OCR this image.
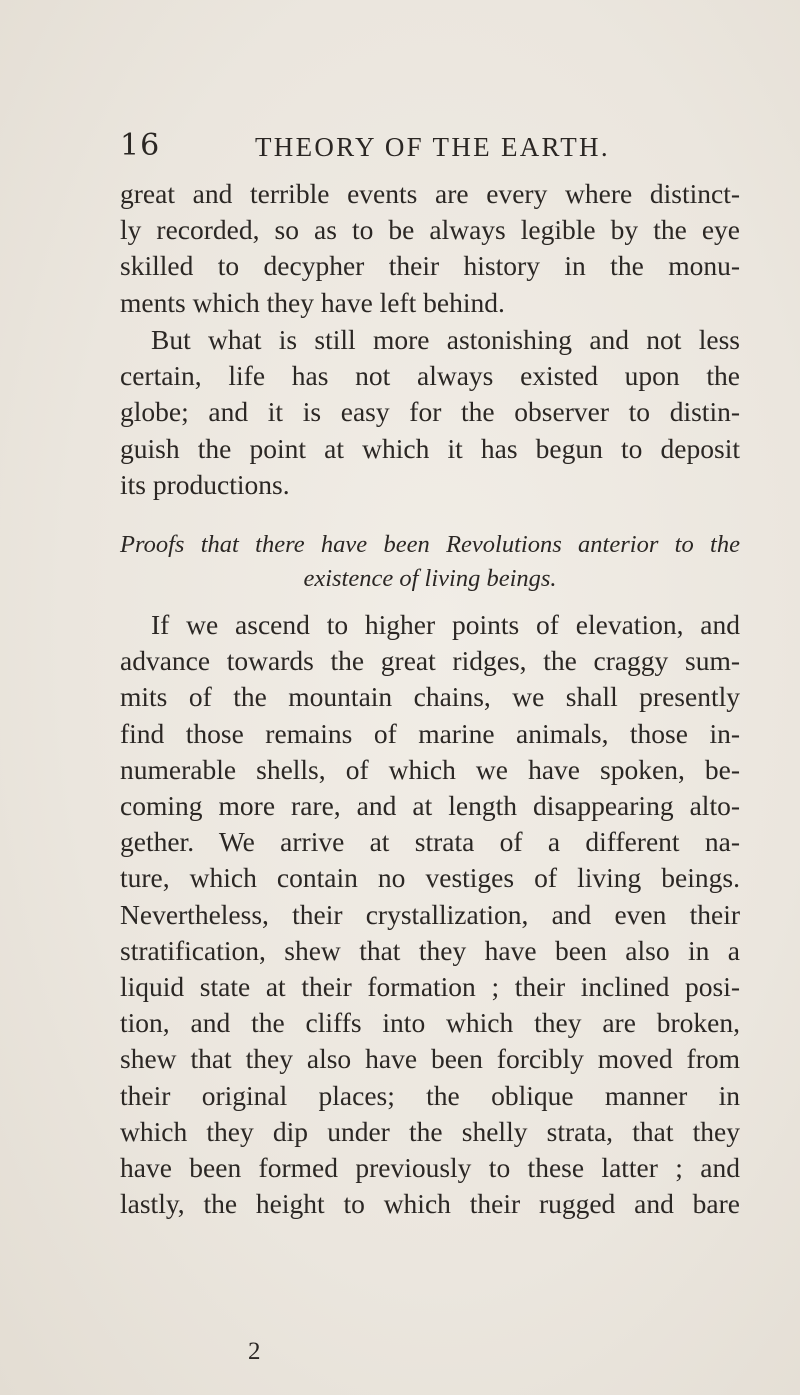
16	THEORY OF THE EARTH.
great and terrible events are every where distinct-
ly recorded, so as to be always legible by the eye
skilled to decypher their history in the monu-
ments which they have left behind.
But what is still more astonishing and not less
certain, life has not always existed upon the
globe; and it is easy for the observer to distin-
guish the point at which it has begun to deposit
its productions.
Proofs that there have been Revolutions anterior to the
existence of living beings.
If we ascend to higher points of elevation, and
advance towards the great ridges, the craggy sum-
mits of the mountain chains, we shall presently
find those remains of marine animals, those in-
numerable shells, of which we have spoken, be-
coming more rare, and at length disappearing alto-
gether. We arrive at strata of a different na-
ture, which contain no vestiges of living beings.
Nevertheless, their crystallization, and even their
stratification, shew that they have been also in a
liquid state at their formation ; their inclined posi-
tion, and the cliffs into which they are broken,
shew that they also have been forcibly moved from
their original places; the oblique manner in
which they dip under the shelly strata, that they
have been formed previously to these latter ; and
lastly, the height to which their rugged and bare
2
